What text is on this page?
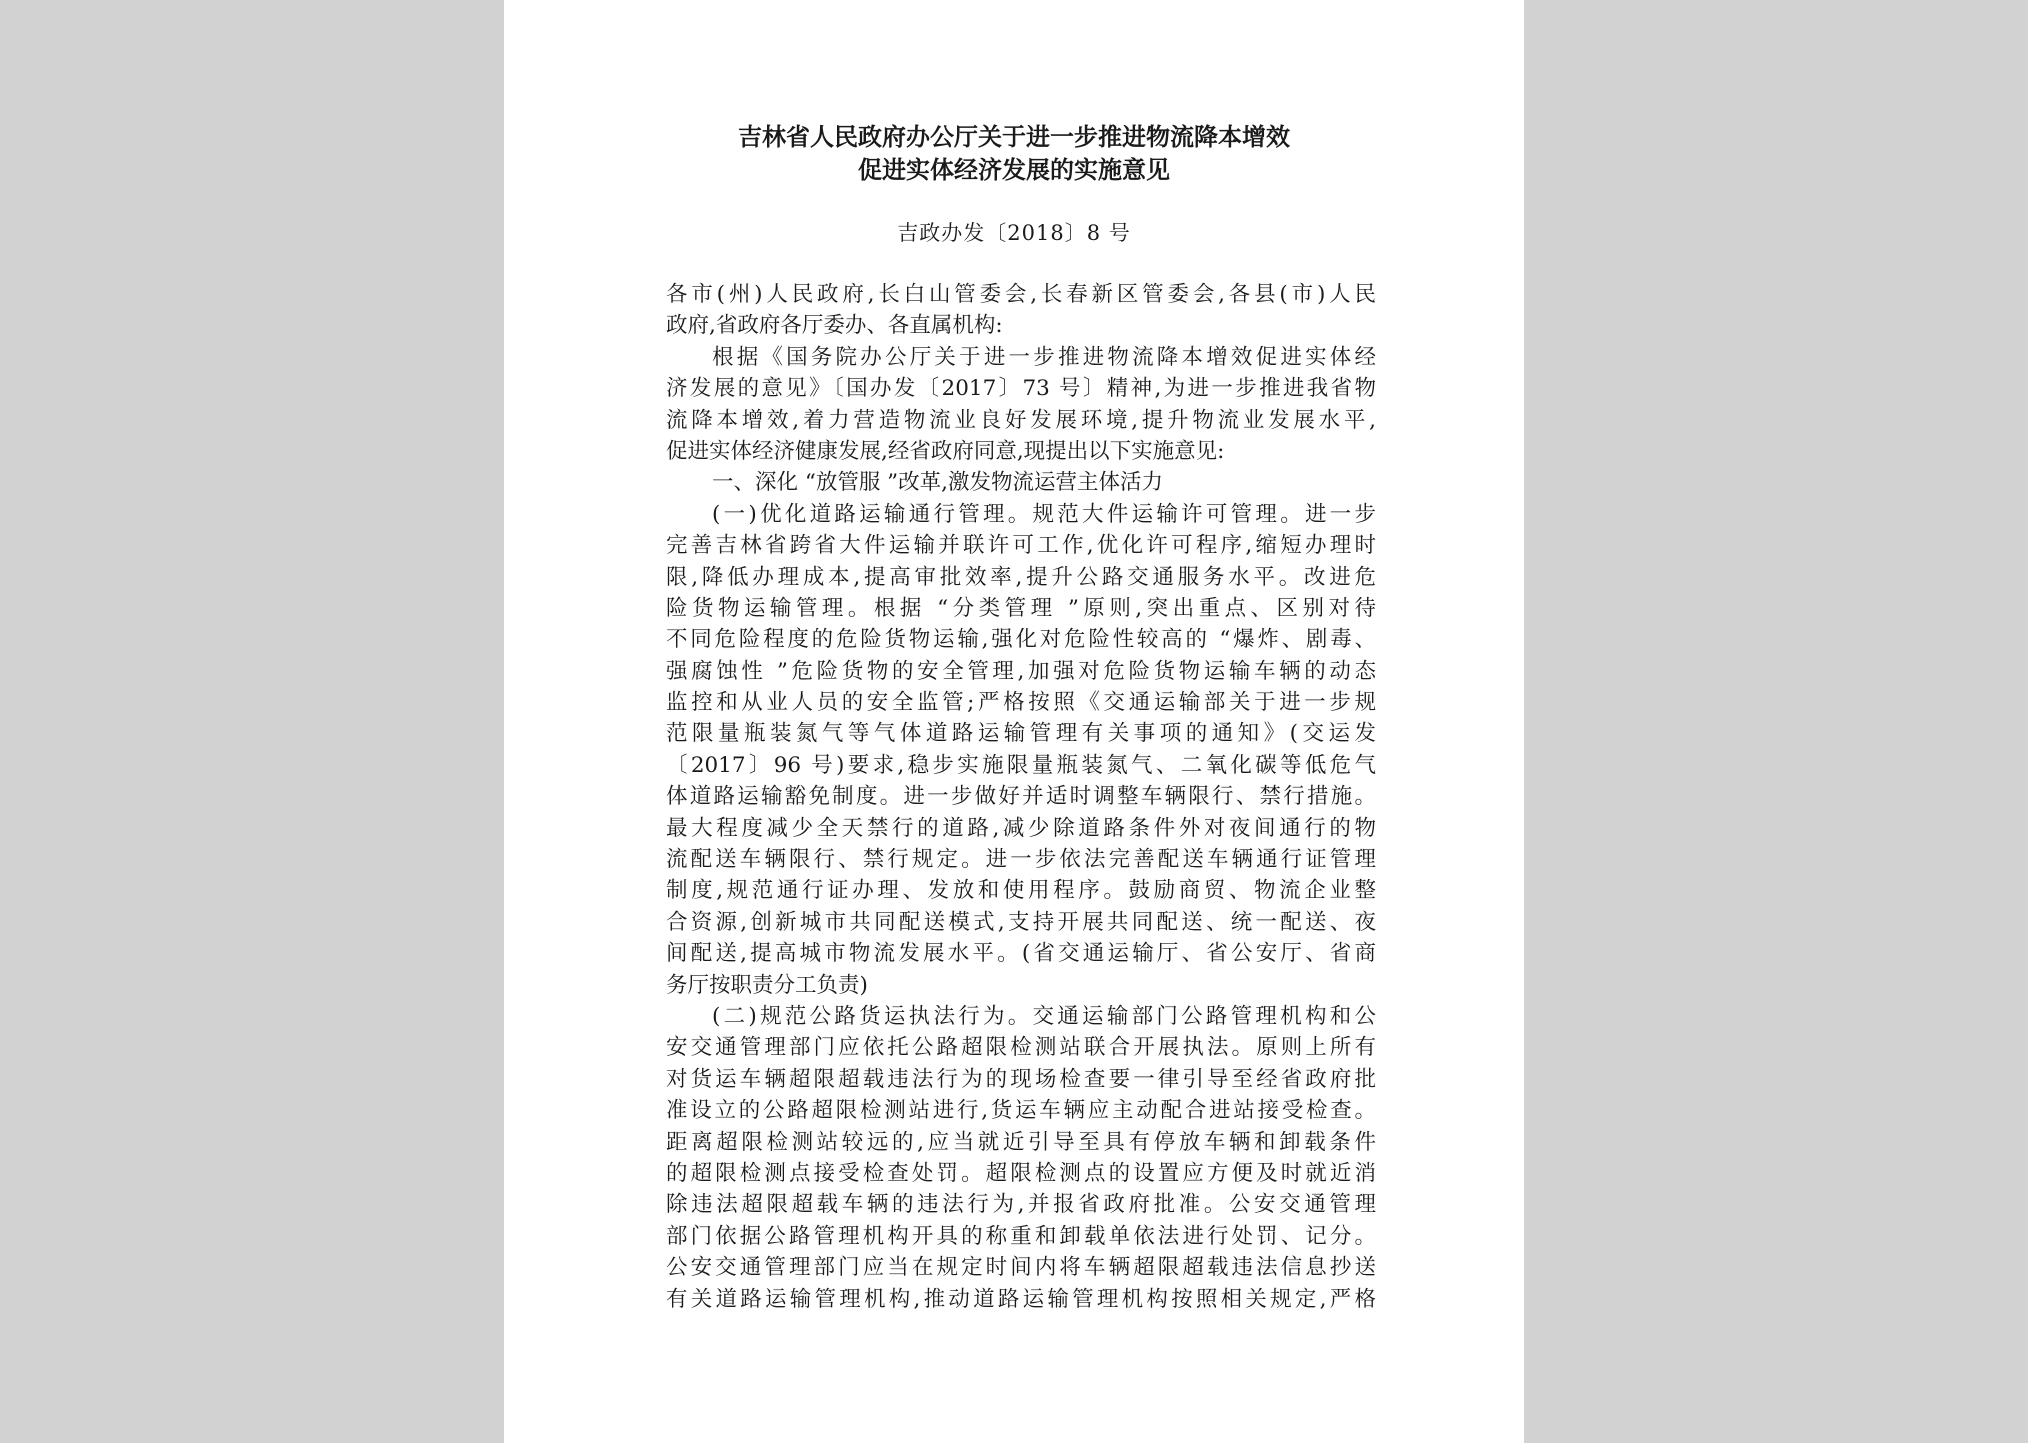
吉林省人民政府办公厅关于进一步推进物流降本增效
促进实体经济发展的实施意见
吉政办发〔2018〕8 号
各市(州)人民政府,长白山管委会,长春新区管委会,各县(市)人民
政府,省政府各厅委办、各直属机构:
根据《国务院办公厅关于进一步推进物流降本增效促进实体经
济发展的意见》〔国办发〔2017〕73 号〕精神,为进一步推进我省物
流降本增效,着力营造物流业良好发展环境,提升物流业发展水平,
促进实体经济健康发展,经省政府同意,现提出以下实施意见:
一、深化 “放管服 ”改革,激发物流运营主体活力
(一)优化道路运输通行管理。规范大件运输许可管理。进一步
完善吉林省跨省大件运输并联许可工作,优化许可程序,缩短办理时
限,降低办理成本,提高审批效率,提升公路交通服务水平。改进危
险货物运输管理。根据 “分类管理 ”原则,突出重点、区别对待
不同危险程度的危险货物运输,强化对危险性较高的 “爆炸、剧毒、
强腐蚀性 ”危险货物的安全管理,加强对危险货物运输车辆的动态
监控和从业人员的安全监管;严格按照《交通运输部关于进一步规
范限量瓶装氮气等气体道路运输管理有关事项的通知》(交运发
〔2017〕96 号)要求,稳步实施限量瓶装氮气、二氧化碳等低危气
体道路运输豁免制度。进一步做好并适时调整车辆限行、禁行措施。
最大程度减少全天禁行的道路,减少除道路条件外对夜间通行的物
流配送车辆限行、禁行规定。进一步依法完善配送车辆通行证管理
制度,规范通行证办理、发放和使用程序。鼓励商贸、物流企业整
合资源,创新城市共同配送模式,支持开展共同配送、统一配送、夜
间配送,提高城市物流发展水平。(省交通运输厅、省公安厅、省商
务厅按职责分工负责)
(二)规范公路货运执法行为。交通运输部门公路管理机构和公
安交通管理部门应依托公路超限检测站联合开展执法。原则上所有
对货运车辆超限超载违法行为的现场检查要一律引导至经省政府批
准设立的公路超限检测站进行,货运车辆应主动配合进站接受检查。
距离超限检测站较远的,应当就近引导至具有停放车辆和卸载条件
的超限检测点接受检查处罚。超限检测点的设置应方便及时就近消
除违法超限超载车辆的违法行为,并报省政府批准。公安交通管理
部门依据公路管理机构开具的称重和卸载单依法进行处罚、记分。
公安交通管理部门应当在规定时间内将车辆超限超载违法信息抄送
有关道路运输管理机构,推动道路运输管理机构按照相关规定,严格
